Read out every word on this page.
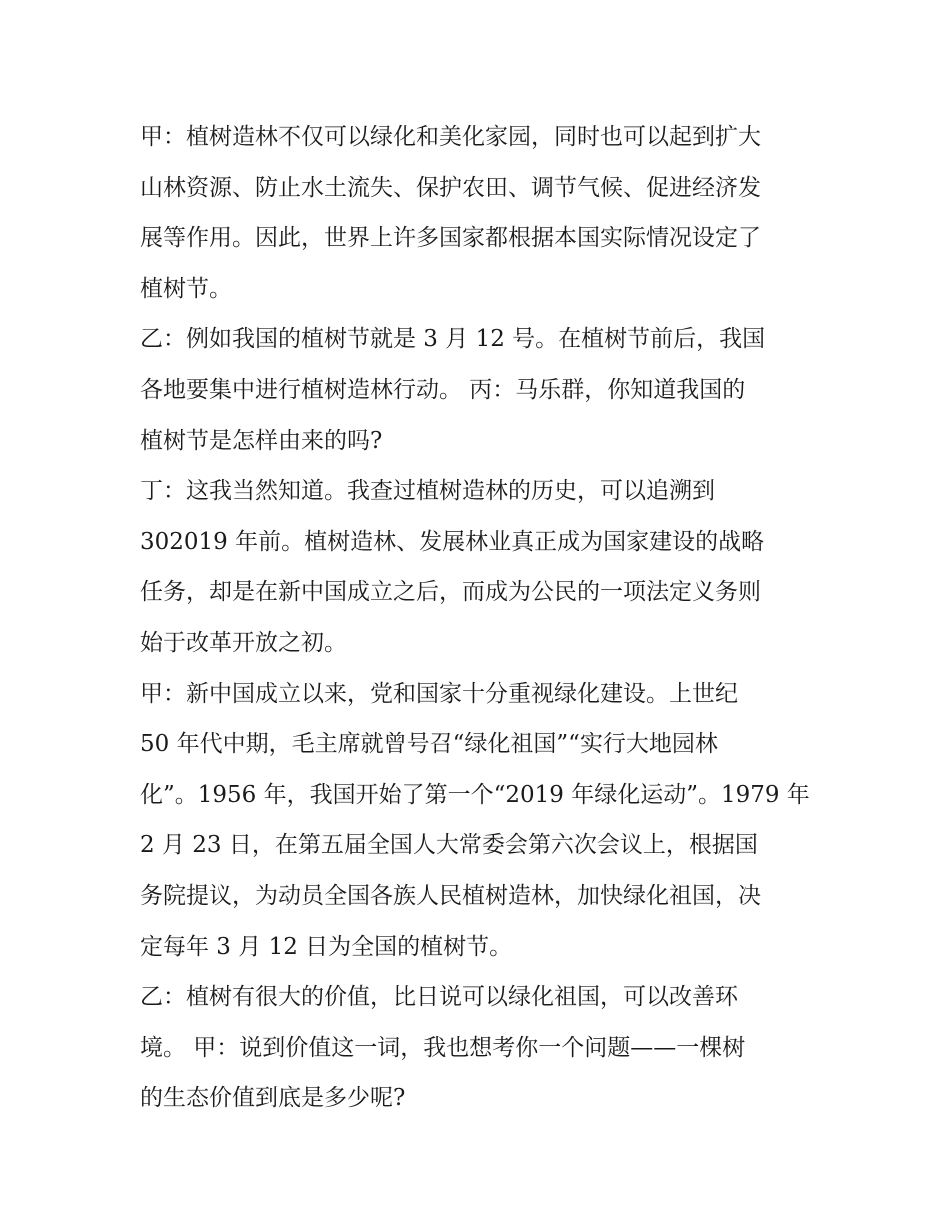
甲：植树造林不仅可以绿化和美化家园，同时也可以起到扩大
山林资源、防止水土流失、保护农田、调节气候、促进经济发
展等作用。因此，世界上许多国家都根据本国实际情况设定了
植树节。
乙：例如我国的植树节就是 3 月 12 号。在植树节前后，我国
各地要集中进行植树造林行动。 丙：马乐群，你知道我国的
植树节是怎样由来的吗?
丁：这我当然知道。我查过植树造林的历史，可以追溯到
302019 年前。植树造林、发展林业真正成为国家建设的战略
任务，却是在新中国成立之后，而成为公民的一项法定义务则
始于改革开放之初。
甲：新中国成立以来，党和国家十分重视绿化建设。上世纪
50 年代中期，毛主席就曾号召“绿化祖国”“实行大地园林
化”。1956 年，我国开始了第一个“2019 年绿化运动”。1979 年
2 月 23 日，在第五届全国人大常委会第六次会议上，根据国
务院提议，为动员全国各族人民植树造林，加快绿化祖国，决
定每年 3 月 12 日为全国的植树节。
乙：植树有很大的价值，比日说可以绿化祖国，可以改善环
境。 甲：说到价值这一词，我也想考你一个问题——一棵树
的生态价值到底是多少呢?
